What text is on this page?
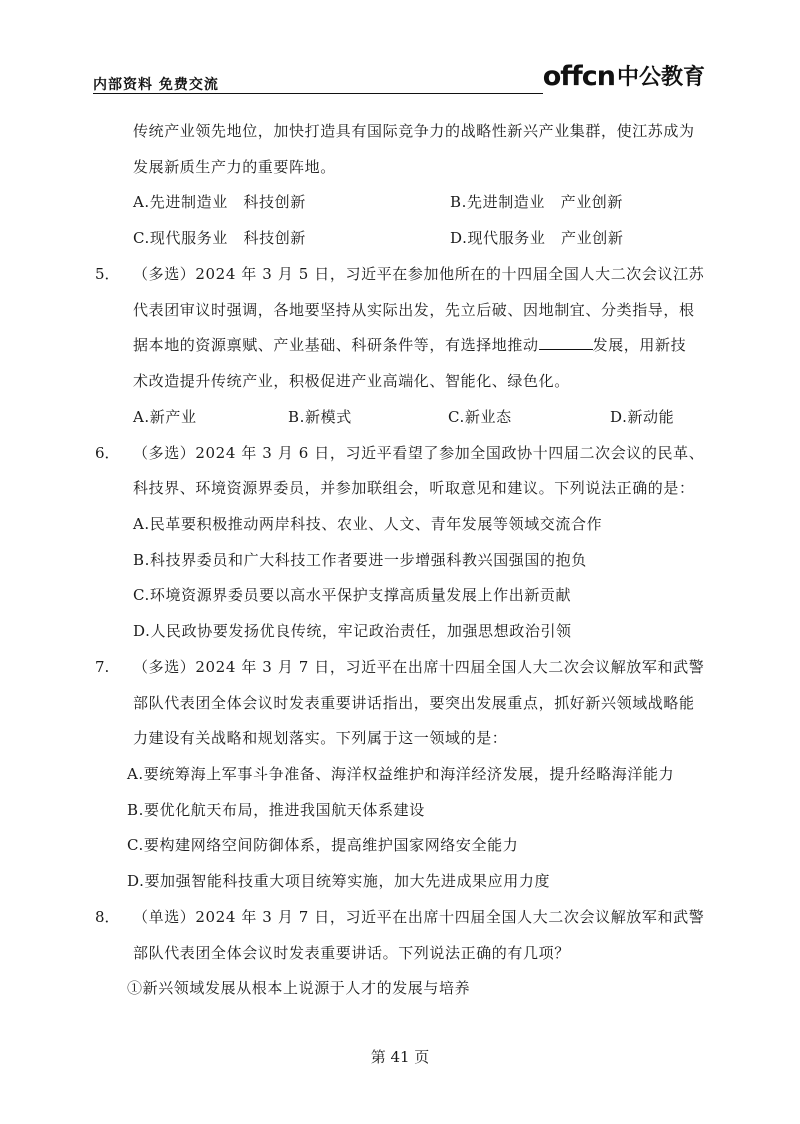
内部资料 免费交流	offcn 中公教育
传统产业领先地位，加快打造具有国际竞争力的战略性新兴产业集群，使江苏成为
发展新质生产力的重要阵地。
A.先进制造业　科技创新	B.先进制造业　产业创新
C.现代服务业　科技创新	D.现代服务业　产业创新
5． （多选）2024 年 3 月 5 日，习近平在参加他所在的十四届全国人大二次会议江苏
代表团审议时强调，各地要坚持从实际出发，先立后破、因地制宜、分类指导，根
据本地的资源禀赋、产业基础、科研条件等，有选择地推动	发展，用新技
术改造提升传统产业，积极促进产业高端化、智能化、绿色化。
A.新产业	B.新模式	C.新业态	D.新动能
6． （多选）2024 年 3 月 6 日，习近平看望了参加全国政协十四届二次会议的民革、
科技界、环境资源界委员，并参加联组会，听取意见和建议。下列说法正确的是：
A.民革要积极推动两岸科技、农业、人文、青年发展等领域交流合作
B.科技界委员和广大科技工作者要进一步增强科教兴国强国的抱负
C.环境资源界委员要以高水平保护支撑高质量发展上作出新贡献
D.人民政协要发扬优良传统，牢记政治责任，加强思想政治引领
7. （多选）2024 年 3 月 7 日，习近平在出席十四届全国人大二次会议解放军和武警
部队代表团全体会议时发表重要讲话指出，要突出发展重点，抓好新兴领域战略能
力建设有关战略和规划落实。下列属于这一领域的是：
A.要统筹海上军事斗争准备、海洋权益维护和海洋经济发展，提升经略海洋能力
B.要优化航天布局，推进我国航天体系建设
C.要构建网络空间防御体系，提高维护国家网络安全能力
D.要加强智能科技重大项目统筹实施，加大先进成果应用力度
8． （单选）2024 年 3 月 7 日，习近平在出席十四届全国人大二次会议解放军和武警
部队代表团全体会议时发表重要讲话。下列说法正确的有几项？
①新兴领域发展从根本上说源于人才的发展与培养
第 41 页
